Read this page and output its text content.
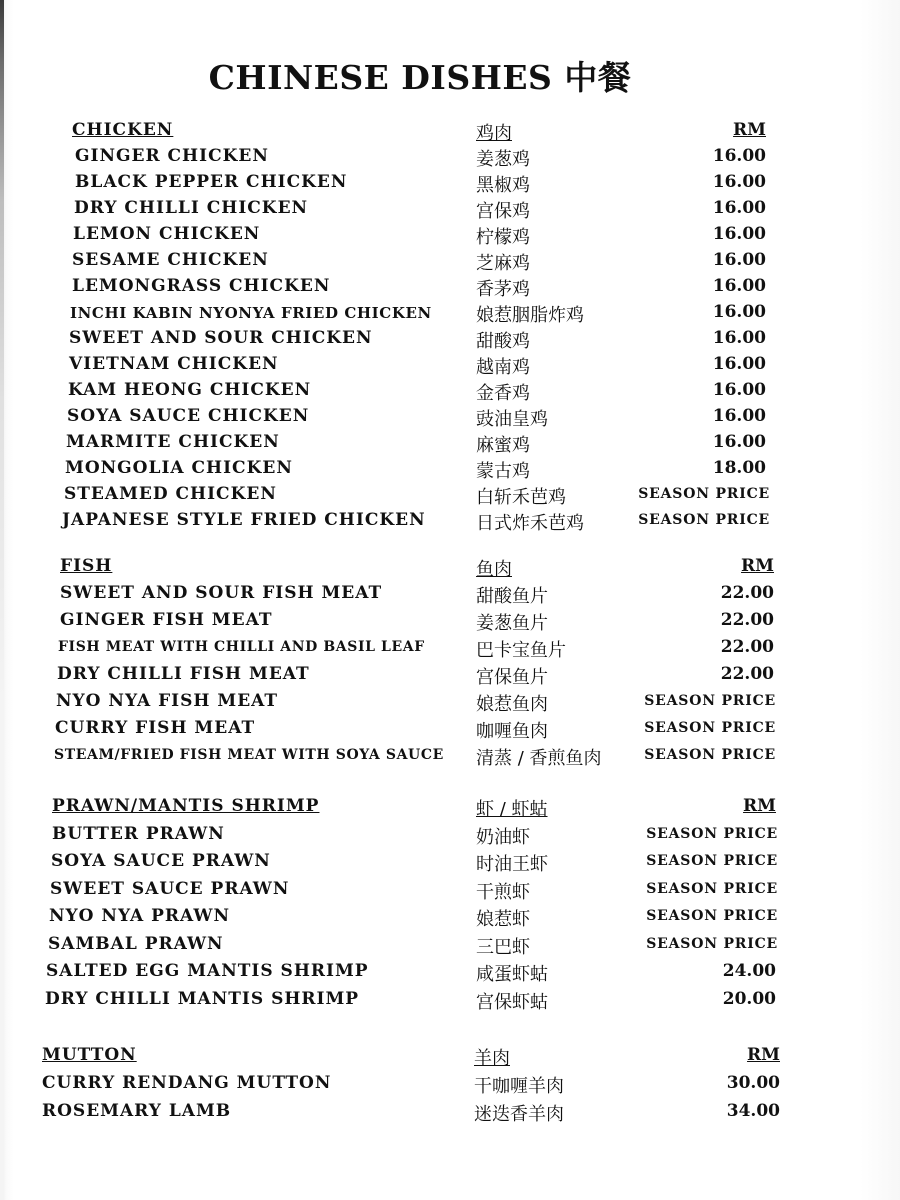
CHINESE DISHES 中餐
CHICKEN	鸡肉	RM
GINGER CHICKEN	姜葱鸡	16.00
BLACK PEPPER CHICKEN	黑椒鸡	16.00
DRY CHILLI CHICKEN	宫保鸡	16.00
LEMON CHICKEN	柠檬鸡	16.00
SESAME CHICKEN	芝麻鸡	16.00
LEMONGRASS CHICKEN	香茅鸡	16.00
INCHI KABIN NYONYA FRIED CHICKEN 娘惹胭脂炸鸡	16.00
SWEET AND SOUR CHICKEN	甜酸鸡	16.00
VIETNAM CHICKEN	越南鸡	16.00
KAM HEONG CHICKEN	金香鸡	16.00
SOYA SAUCE CHICKEN	豉油皇鸡	16.00
MARMITE CHICKEN	麻蜜鸡	16.00
MONGOLIA CHICKEN	蒙古鸡	18.00
STEAMED CHICKEN	白斩禾芭鸡	SEASON PRICE
JAPANESE STYLE FRIED CHICKEN	日式炸禾芭鸡	SEASON PRICE
FISH	鱼肉	RM
SWEET AND SOUR FISH MEAT	甜酸鱼片	22.00
GINGER FISH MEAT	姜葱鱼片	22.00
FISH MEAT WITH CHILLI AND BASIL LEAF	巴卡宝鱼片	22.00
DRY CHILLI FISH MEAT	宫保鱼片	22.00
NYO NYA FISH MEAT	娘惹鱼肉	SEASON PRICE
CURRY FISH MEAT	咖喱鱼肉	SEASON PRICE
STEAM/FRIED FISH MEAT WITH SOYA SAUCE 清蒸 / 香煎鱼肉	SEASON PRICE
PRAWN/MANTIS SHRIMP	虾 / 虾蛄	RM
BUTTER PRAWN	奶油虾	SEASON PRICE
SOYA SAUCE PRAWN	时油王虾	SEASON PRICE
SWEET SAUCE PRAWN	干煎虾	SEASON PRICE
NYO NYA PRAWN	娘惹虾	SEASON PRICE
SAMBAL PRAWN	三巴虾	SEASON PRICE
SALTED EGG MANTIS SHRIMP	咸蛋虾蛄	24.00
DRY CHILLI MANTIS SHRIMP	宫保虾蛄	20.00
MUTTON	羊肉	RM
CURRY RENDANG MUTTON	干咖喱羊肉	30.00
ROSEMARY LAMB	迷迭香羊肉	34.00
